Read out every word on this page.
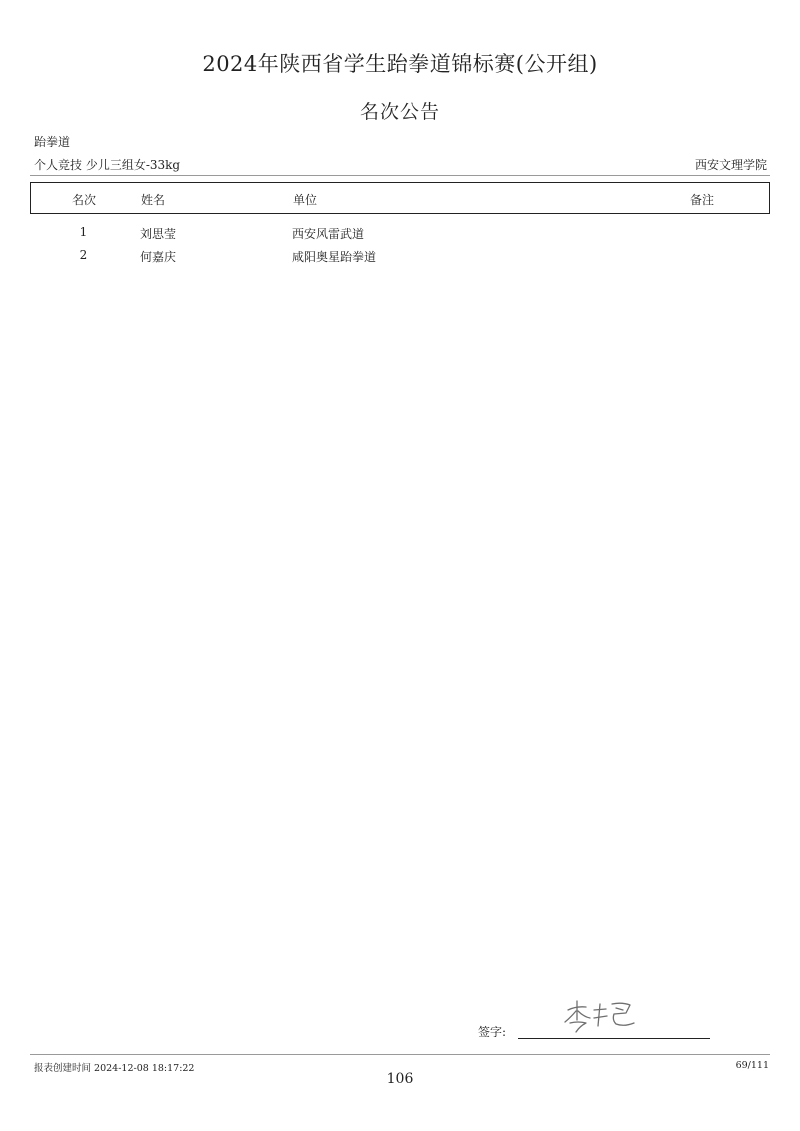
2024年陕西省学生跆拳道锦标赛(公开组)
名次公告
跆拳道
个人竞技 少儿三组女-33kg	西安文理学院
名次	姓名	单位	备注
1	刘思莹	西安风雷武道
2	何嘉庆	咸阳奥星跆拳道
签字:
报表创建时间 2024-12-08 18:17:22	69/111
106
